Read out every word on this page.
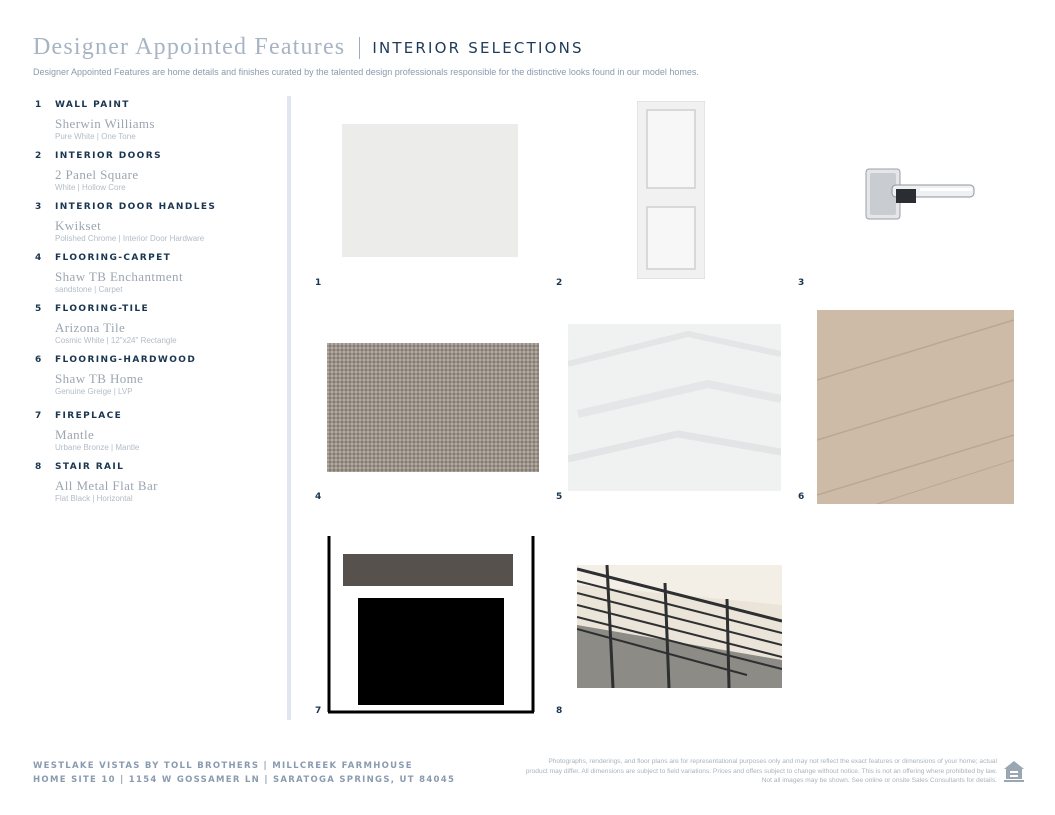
Designer Appointed Features INTERIOR SELECTIONS
Designer Appointed Features are home details and finishes curated by the talented design professionals responsible for the distinctive looks found in our model homes.
1 WALL PAINT
Sherwin Williams
Pure White | One Tone
2 INTERIOR DOORS
2 Panel Square
White | Hollow Core
3 INTERIOR DOOR HANDLES
Kwikset
Polished Chrome | Interior Door Hardware
4 FLOORING-CARPET
Shaw TB Enchantment
sandstone | Carpet
5 FLOORING-TILE
Arizona Tile
Cosmic White | 12"x24" Rectangle
6 FLOORING-HARDWOOD
Shaw TB Home
Genuine Greige | LVP
7 FIREPLACE
Mantle
Urbane Bronze | Mantle
8 STAIR RAIL
All Metal Flat Bar
Flat Black | Horizontal
1	2	3
4	5	6
7	8
WESTLAKE VISTAS BY TOLL BROTHERS | MILLCREEK FARMHOUSE
HOME SITE 10 | 1154 W GOSSAMER LN | SARATOGA SPRINGS, UT 84045
Photographs, renderings, and floor plans are for representational purposes only and may not reflect the exact features or dimensions of your home; actual product may differ. All dimensions are subject to field variations. Prices and offers subject to change without notice. This is not an offering where prohibited by law. Not all images may be shown. See online or onsite Sales Consultants for details.
